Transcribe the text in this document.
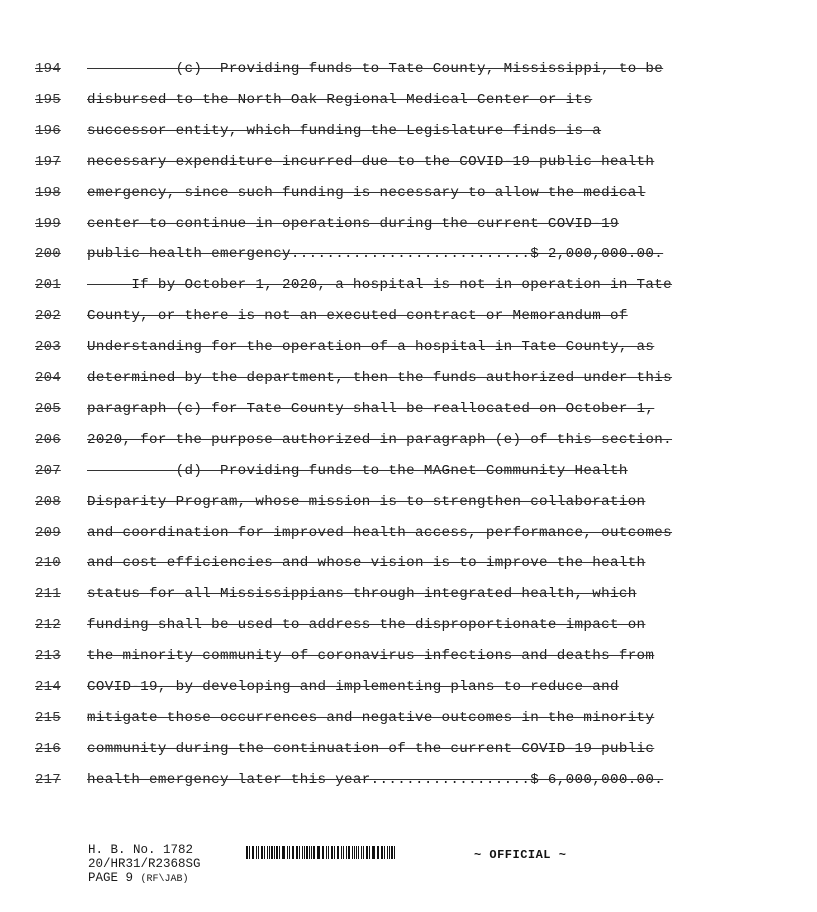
194 (c)  Providing funds to Tate County, Mississippi, to be
195 disbursed to the North Oak Regional Medical Center or its
196 successor entity, which funding the Legislature finds is a
197 necessary expenditure incurred due to the COVID-19 public health
198 emergency, since such funding is necessary to allow the medical
199 center to continue in operations during the current COVID-19
200 public health emergency...........................$ 2,000,000.00.
201 If by October 1, 2020, a hospital is not in operation in Tate
202 County, or there is not an executed contract or Memorandum of
203 Understanding for the operation of a hospital in Tate County, as
204 determined by the department, then the funds authorized under this
205 paragraph (c) for Tate County shall be reallocated on October 1,
206 2020, for the purpose authorized in paragraph (e) of this section.
207 (d)  Providing funds to the MAGnet Community Health
208 Disparity Program, whose mission is to strengthen collaboration
209 and coordination for improved health access, performance, outcomes
210 and cost efficiencies and whose vision is to improve the health
211 status for all Mississippians through integrated health, which
212 funding shall be used to address the disproportionate impact on
213 the minority community of coronavirus infections and deaths from
214 COVID-19, by developing and implementing plans to reduce and
215 mitigate those occurrences and negative outcomes in the minority
216 community during the continuation of the current COVID-19 public
217 health emergency later this year..................$ 6,000,000.00.
H. B. No. 1782
20/HR31/R2368SG
PAGE 9 (RF\JAB)
~ OFFICIAL ~
